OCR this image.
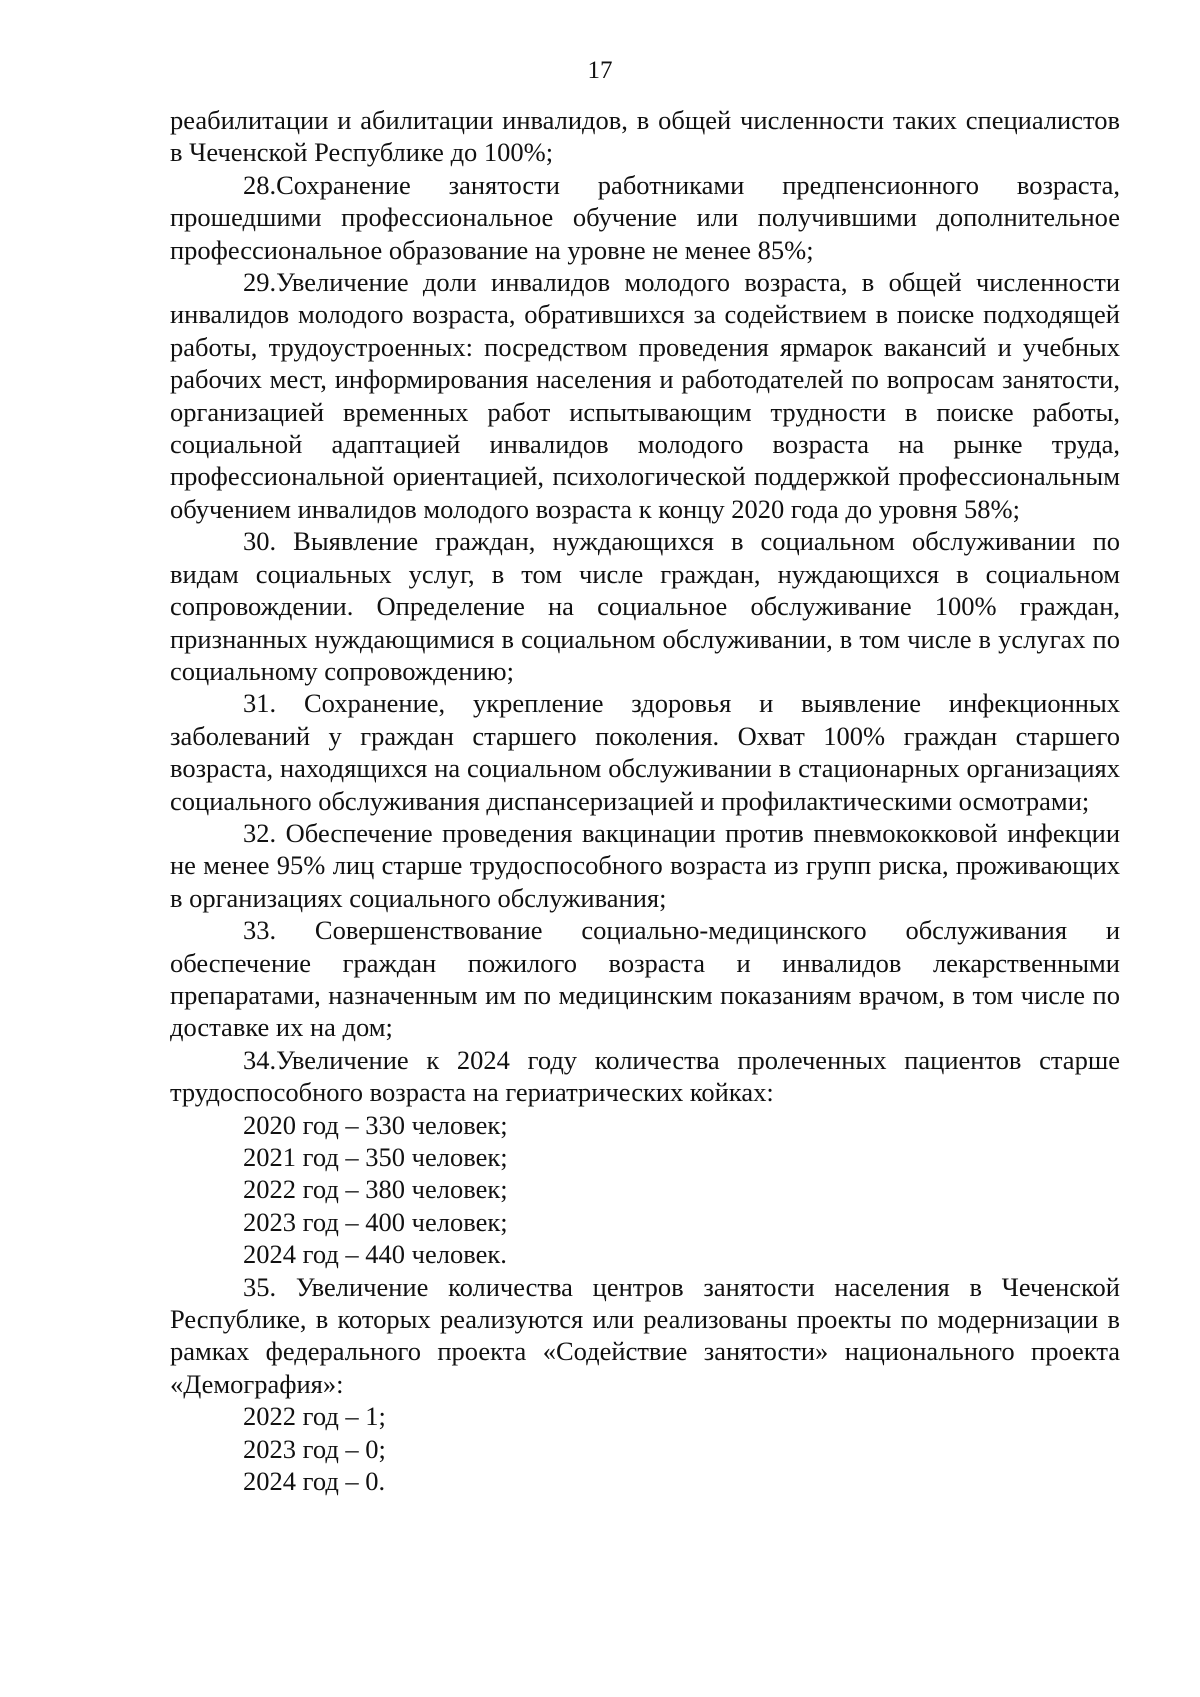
17

реабилитации и абилитации инвалидов, в общей численности таких специалистов в Чеченской Республике до 100%;

28.Сохранение занятости работниками предпенсионного возраста, прошедшими профессиональное обучение или получившими дополнительное профессиональное образование на уровне не менее 85%;

29.Увеличение доли инвалидов молодого возраста, в общей численности инвалидов молодого возраста, обратившихся за содействием в поиске подходящей работы, трудоустроенных: посредством проведения ярмарок вакансий и учебных рабочих мест, информирования населения и работодателей по вопросам занятости, организацией временных работ испытывающим трудности в поиске работы, социальной адаптацией инвалидов молодого возраста на рынке труда, профессиональной ориентацией, психологической поддержкой профессиональным обучением инвалидов молодого возраста к концу 2020 года до уровня 58%;

30. Выявление граждан, нуждающихся в социальном обслуживании по видам социальных услуг, в том числе граждан, нуждающихся в социальном сопровождении. Определение на социальное обслуживание 100% граждан, признанных нуждающимися в социальном обслуживании, в том числе в услугах по социальному сопровождению;

31. Сохранение, укрепление здоровья и выявление инфекционных заболеваний у граждан старшего поколения. Охват 100% граждан старшего возраста, находящихся на социальном обслуживании в стационарных организациях социального обслуживания диспансеризацией и профилактическими осмотрами;

32. Обеспечение проведения вакцинации против пневмококковой инфекции не менее 95% лиц старше трудоспособного возраста из групп риска, проживающих в организациях социального обслуживания;

33. Совершенствование социально-медицинского обслуживания и обеспечение граждан пожилого возраста и инвалидов лекарственными препаратами, назначенным им по медицинским показаниям врачом, в том числе по доставке их на дом;

34.Увеличение к 2024 году количества пролеченных пациентов старше трудоспособного возраста на гериатрических койках:

2020 год – 330 человек;

2021 год – 350 человек;

2022 год – 380 человек;

2023 год – 400 человек;

2024 год – 440 человек.

35. Увеличение количества центров занятости населения в Чеченской Республике, в которых реализуются или реализованы проекты по модернизации в рамках федерального проекта «Содействие занятости» национального проекта «Демография»:

2022 год – 1;

2023 год – 0;

2024 год – 0.
